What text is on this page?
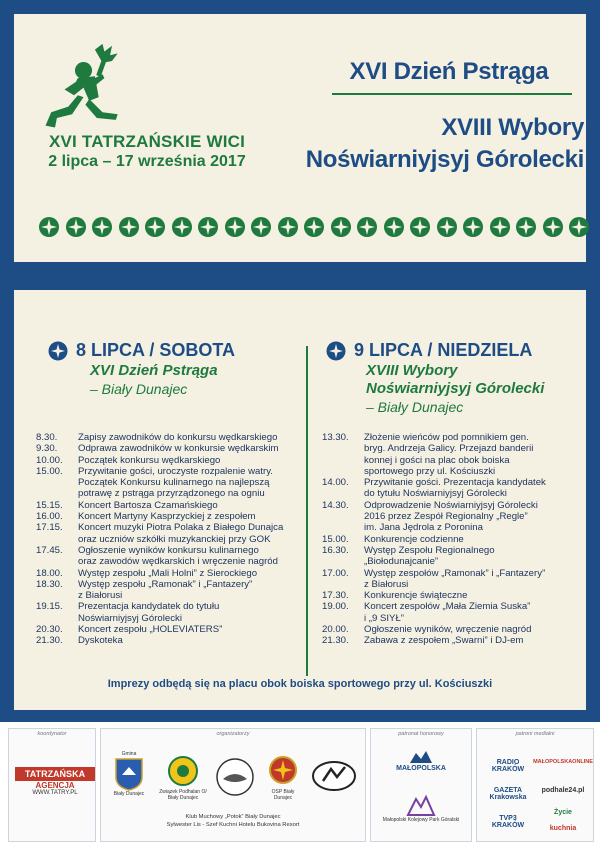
XVI TATRZAŃSKIE WICI
2 lipca – 17 września 2017
XVI Dzień Pstrąga
XVIII Wybory
Noświarniyjsyj Górolecki
8 LIPCA / SOBOTA
XVI Dzień Pstrąga
– Biały Dunajec
9 LIPCA / NIEDZIELA
XVIII Wybory
Noświarniyjsyj Górolecki
– Biały Dunajec
8.30.	Zapisy zawodników do konkursu wędkarskiego
9.30.	Odprawa zawodników w konkursie wędkarskim
10.00.	Początek konkursu wędkarskiego
15.00.	Przywitanie gości, uroczyste rozpalenie watry.
Początek Konkursu kulinarnego na najlepszą
potrawę z pstrąga przyrządzonego na ogniu
15.15.	Koncert Bartosza Czamańskiego
16.00.	Koncert Martyny Kasprzyckiej z zespołem
17.15.	Koncert muzyki Piotra Polaka z Białego Dunajca
oraz uczniów szkółki muzykanckiej przy GOK
17.45.	Ogłoszenie wyników konkursu kulinarnego
oraz zawodów wędkarskich i wręczenie nagród
18.00.	Występ zespołu „Mali Holni” z Sierockiego
18.30.	Występ zespołu „Ramonak” i „Fantazery”
z Białorusi
19.15.	Prezentacja kandydatek do tytułu
Noświarniyjsyj Górolecki
20.30.	Koncert zespołu „HOLEVIATERS”
21.30.	Dyskoteka
13.30.	Złożenie wieńców pod pomnikiem gen.
bryg. Andrzeja Galicy. Przejazd banderii
konnej i gości na plac obok boiska
sportowego przy ul. Kościuszki
14.00.	Przywitanie gości. Prezentacja kandydatek
do tytułu Noświarniyjsyj Górolecki
14.30.	Odprowadzenie Noświarniyjsyj Górolecki
2016 przez Zespół Regionalny „Regle”
im. Jana Jędrola z Poronina
15.00.	Konkurencje codzienne
16.30.	Występ Zespołu Regionalnego
„Biołodunajcanie”
17.00.	Występ zespołów „Ramonak” i „Fantazery”
z Białorusi
17.30.	Konkurencje świąteczne
19.00.	Koncert zespołów „Mała Ziemia Suska”
i „9 SIYŁ”
20.00.	Ogłoszenie wyników, wręczenie nagród
21.30.	Zabawa z zespołem „Swarni” i DJ-em
Imprezy odbędą się na placu obok boiska sportowego przy ul. Kościuszki
koordynator
TATRZAŃSKA
AGENCJA
WWW.TATRY.PL
organizatorzy
Gmina
Biały Dunajec	Związek Podhalan O/ Biały Dunajec
OSP Biały Dunajec
Klub Muchowy „Potok” Biały Dunajec
Sylwester Lis - Szef Kuchni Hotelu Bukovina Resort
patronat honorowy
MAŁOPOLSKA
Małopolski Kolejowy Park Góralski
patroni medialni
RADIO KRAKÓW
MAŁOPOLSKAONLINE
GAZETA Krakowska
podhale24.pl
TVP3 KRAKÓW
Życie
kuchnia
